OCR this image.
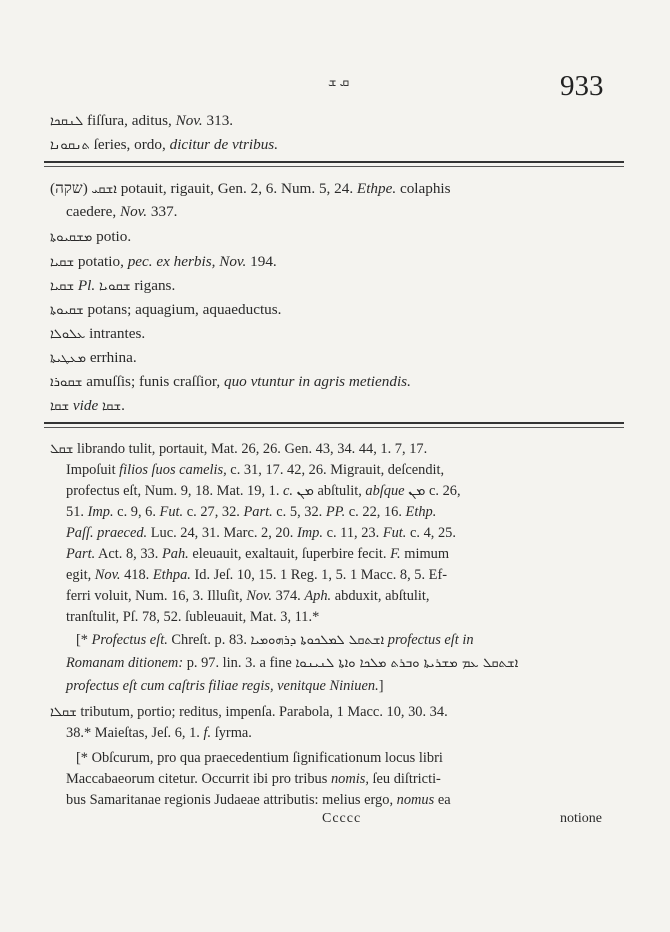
ܩ ܫ	933
ܠܢܩܟܐ fiſſura, aditus, Nov. 313.
ܬܢܩܘܢܐ ſeries, ordo, dicitur de vtribus.
(שקה) ܐܫܩܝ potauit, rigauit, Gen. 2, 6. Num. 5, 24. Ethpe. colaphis
caedere, Nov. 337.
ܡܫܩܝܘܬܐ potio.
ܫܩܝܐ potatio, pec. ex herbis, Nov. 194.
ܫܩܝܐ Pl. ܫܩܘܝܐ rigans.
ܫܩܝܘܬܐ potans; aquagium, aquaeductus.
ܥܠܘܠܐ intrantes.
ܡܥܛܝܬܐ errhina.
ܫܩܘܪܐ amuſſis; funis craſſior, quo vtuntur in agris metiendis.
ܫܩܐ vide ܫܩܐ.
ܫܩܠ librando tulit, portauit, Mat. 26, 26. Gen. 43, 34. 44, 1. 7, 17.
Impoſuit filios ſuos camelis, c. 31, 17. 42, 26. Migrauit, deſcendit,
profectus eſt, Num. 9, 18. Mat. 19, 1. c. ܡܢ abſtulit, abſque ܡܢ c. 26,
51. Imp. c. 9, 6. Fut. c. 27, 32. Part. c. 5, 32. PP. c. 22, 16. Ethp.
Paſſ. praeced. Luc. 24, 31. Marc. 2, 20. Imp. c. 11, 23. Fut. c. 4, 25.
Part. Act. 8, 33. Pah. eleuauit, exaltauit, ſuperbire fecit. F. mimum
egit, Nov. 418. Ethpa. Id. Jeſ. 10, 15. 1 Reg. 1, 5. 1 Macc. 8, 5. Ef-
ferri voluit, Num. 16, 3. Illuſit, Nov. 374. Aph. abduxit, abſtulit,
tranſtulit, Pſ. 78, 52. ſubleuauit, Mat. 3, 11.*
[* Profectus eſt. Chreſt. p. 83. ܐܫܬܩܠ ܠܡܠܟܘܬܐ ܕܪܗܘܡܝܐ profectus eſt in
Romanam ditionem: p. 97. lin. 3. a fine ܐܫܬܩܠ ܥܡ ܡܫܪܝܬܐ ܘܒܪܬ ܡܠܟܐ ܘܐܬܐ ܠܢܝܢܘܐ
profectus eſt cum caſtris filiae regis, venitque Niniuen.]
ܫܩܠܐ tributum, portio; reditus, impenſa. Parabola, 1 Macc. 10, 30. 34.
38.* Maieſtas, Jeſ. 6, 1. f. ſyrma.
[* Obſcurum, pro qua praecedentium ſignificationum locus libri
Maccabaeorum citetur. Occurrit ibi pro tribus nomis, ſeu diſtricti-
bus Samaritanae regionis Judaeae attributis: melius ergo, nomus ea
Ccccc	notione
